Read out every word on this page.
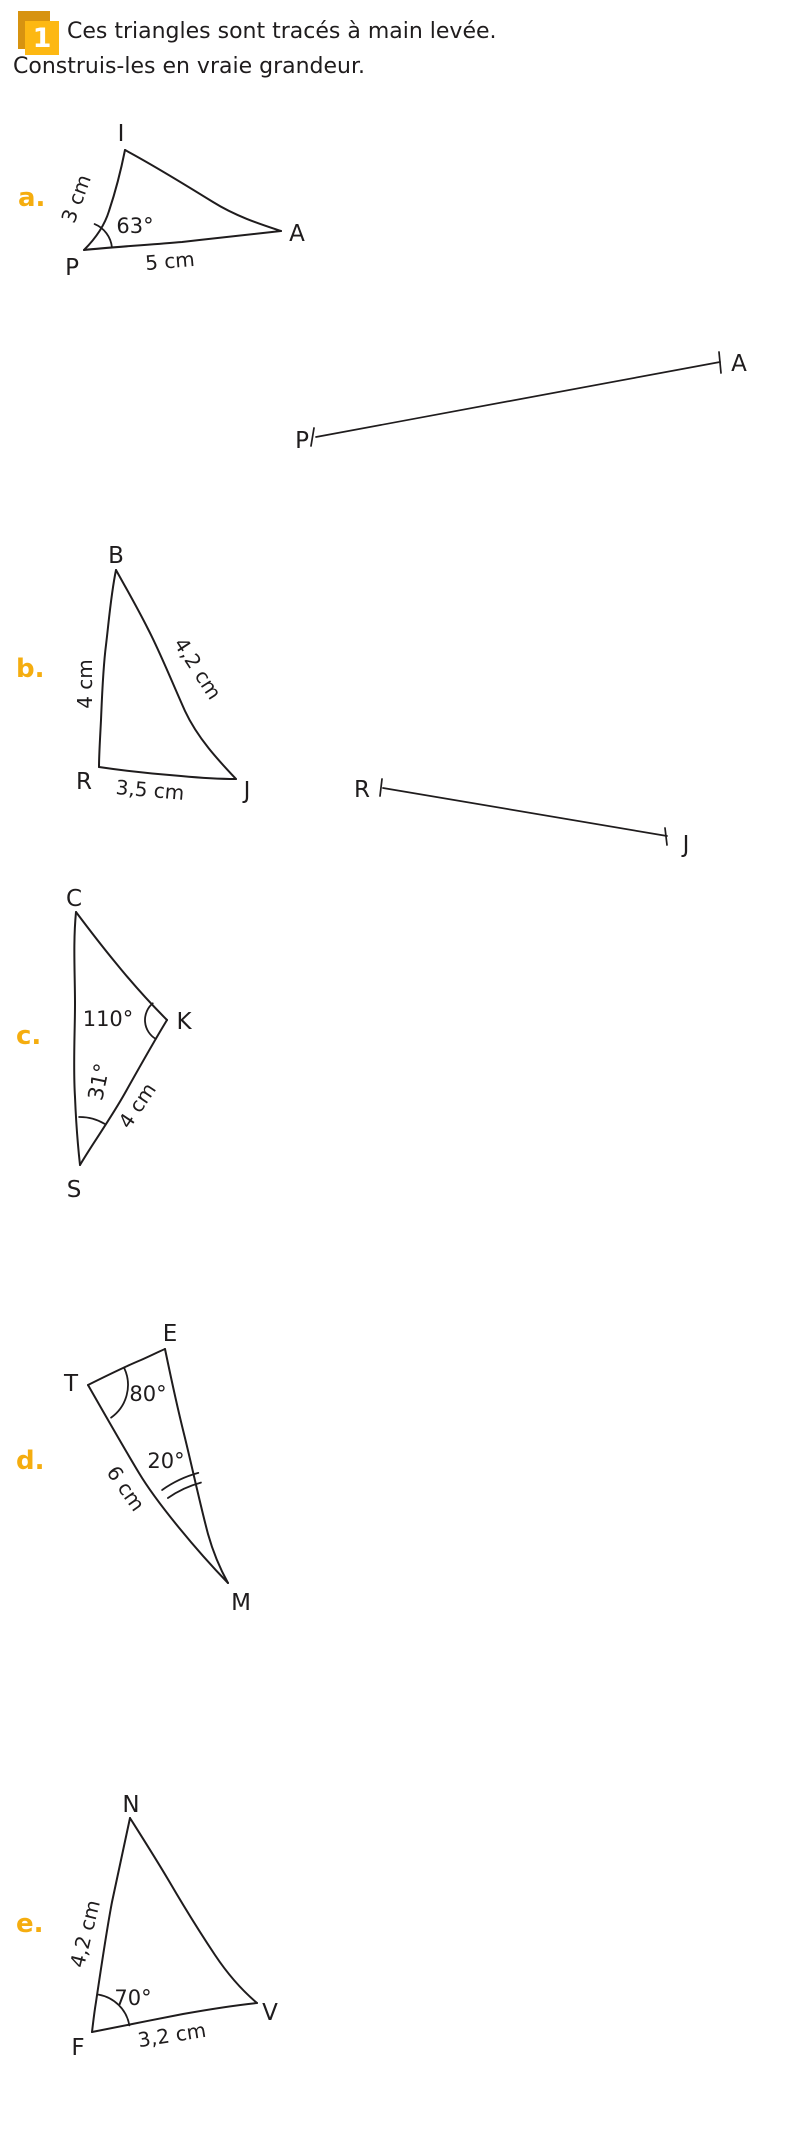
1 Ces triangles sont tracés à main levée.
Construis-les en vraie grandeur.
a.
I
P
A
3 cm 63°
5 cm
P
A
b.
B
R	J
4 cm	4,2 cm
3,5 cm	R
J
c.
C
K
S
110°
31°
4 cm
d.
E
T
M
80°
20°
6 cm
e.
N
F
V
4,2 cm
70°
3,2 cm
